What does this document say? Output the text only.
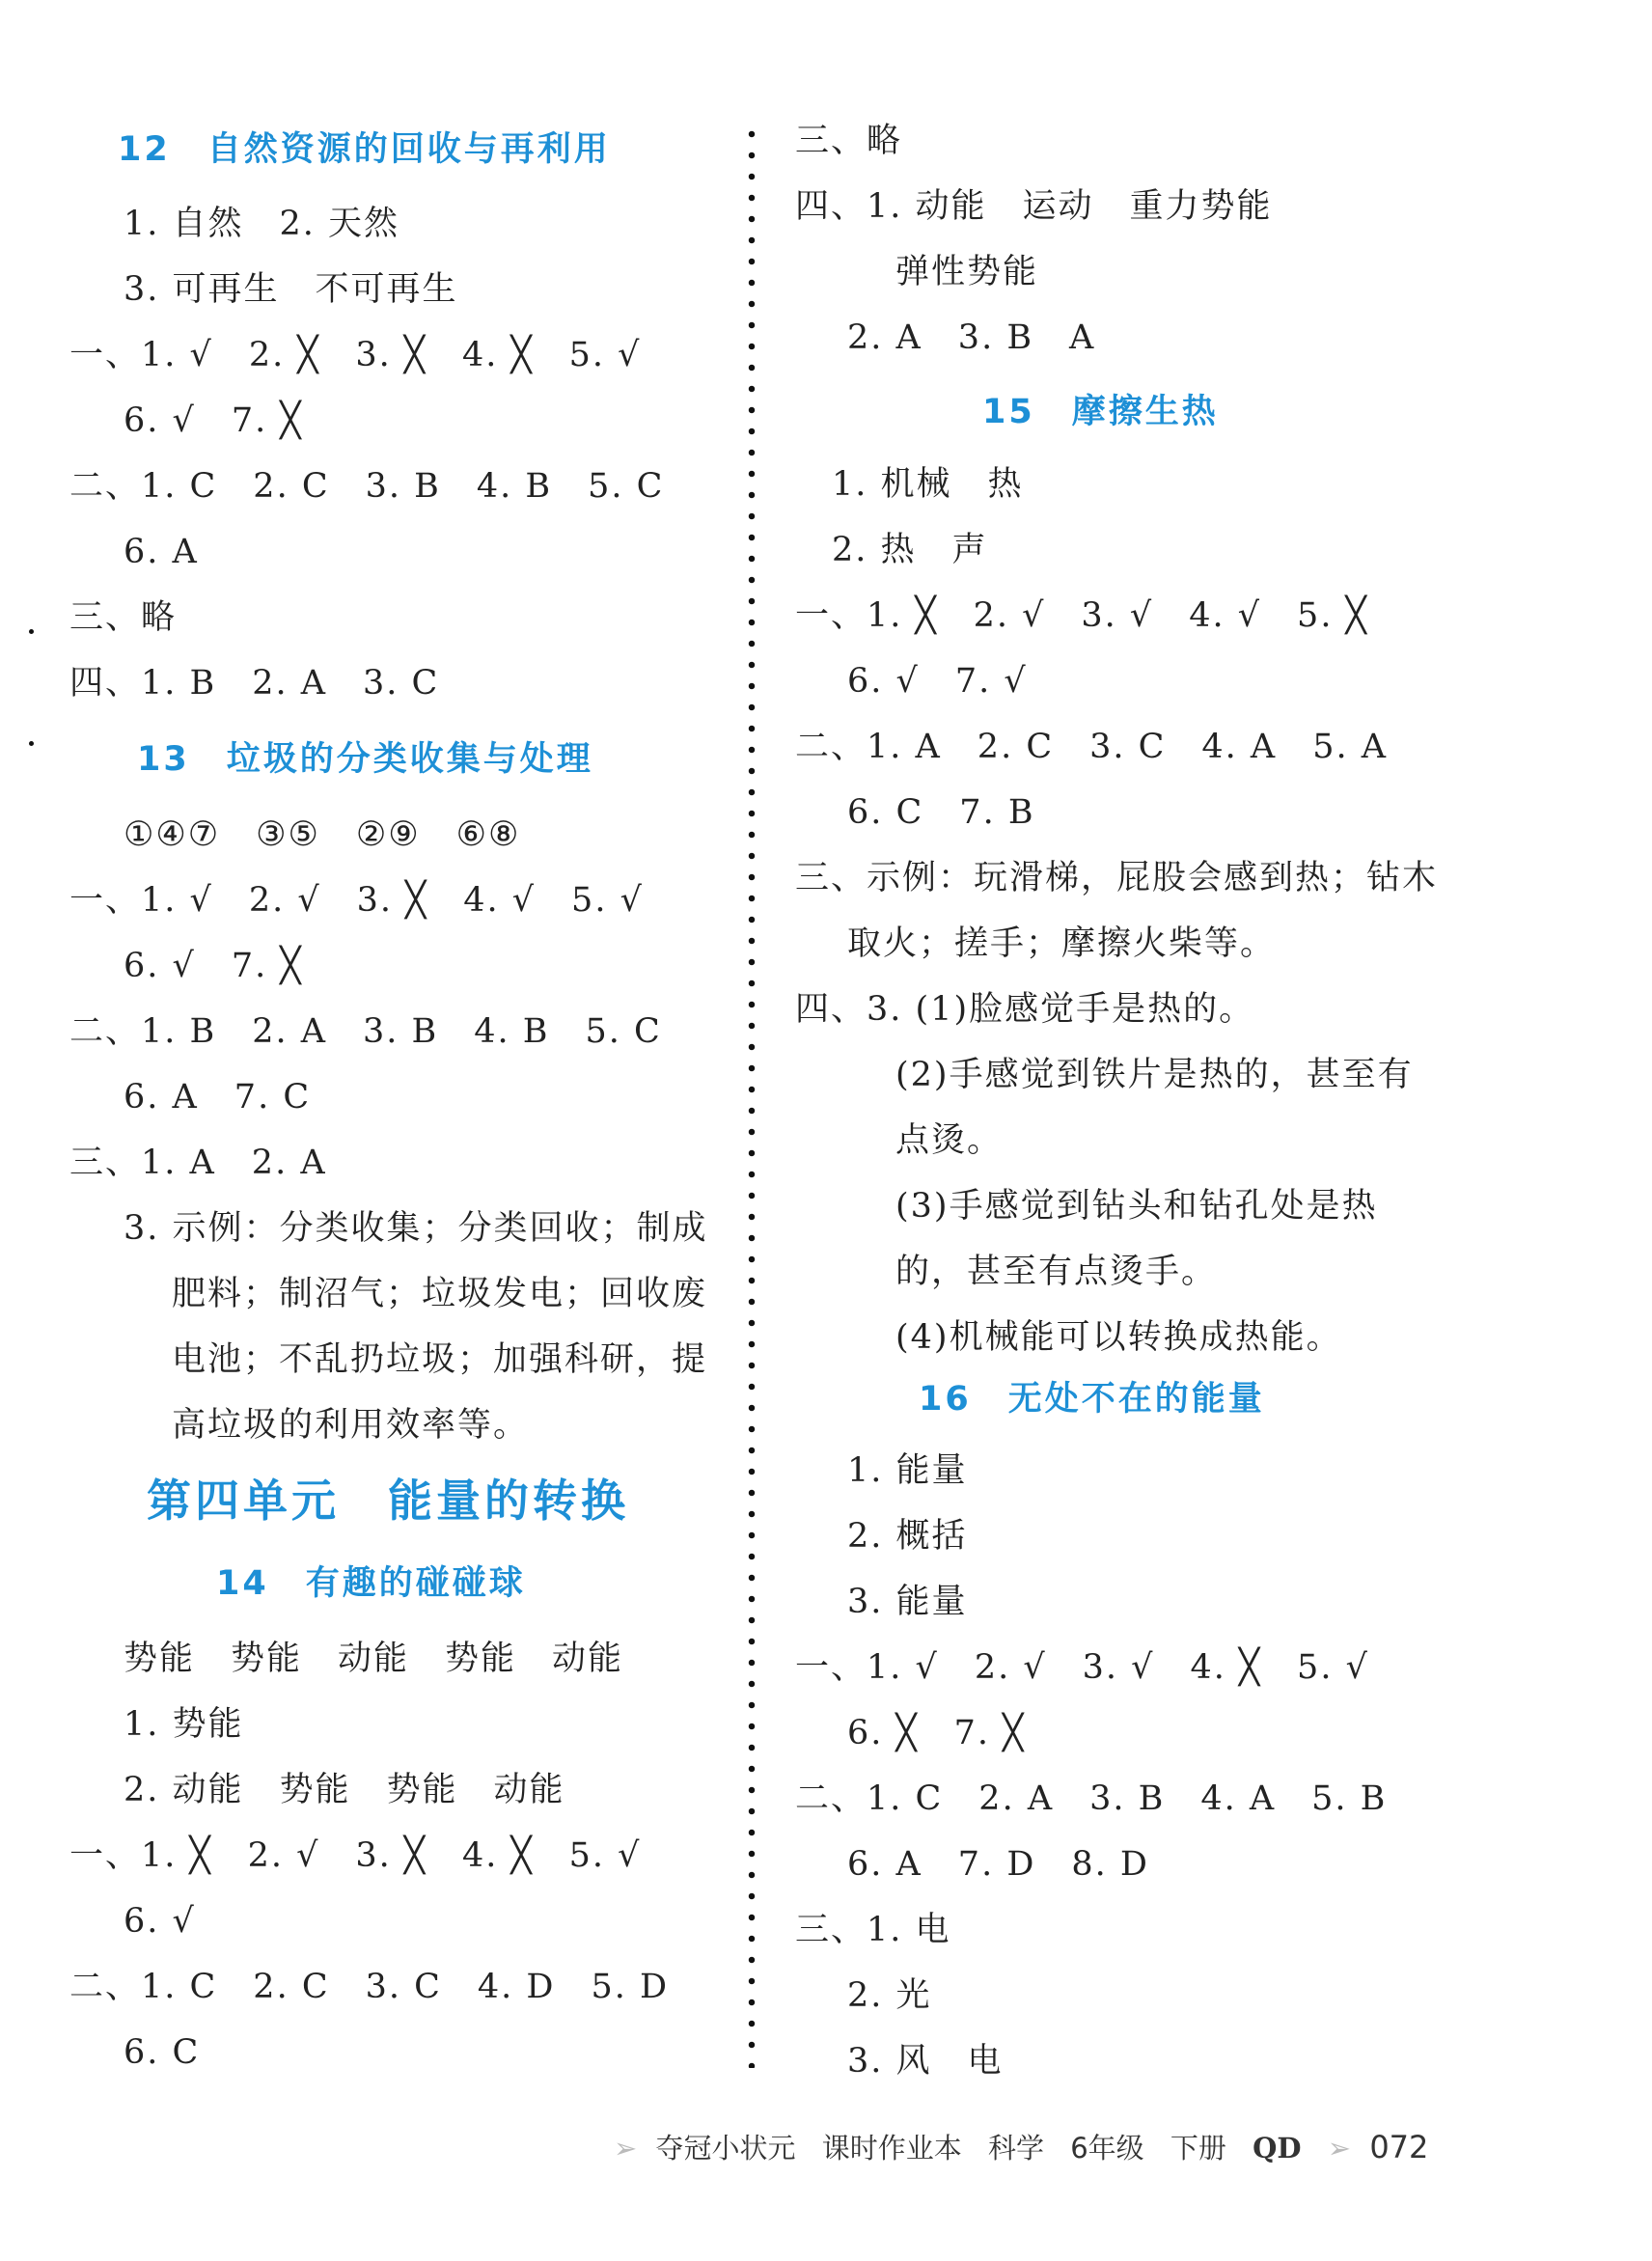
12　自然资源的回收与再利用
1. 自然　2. 天然
3. 可再生　不可再生
一、1. √　2. ╳　3. ╳　4. ╳　5. √
6. √　7. ╳
二、1. C　2. C　3. B　4. B　5. C
6. A
三、略
四、1. B　2. A　3. C
13　垃圾的分类收集与处理
①④⑦　③⑤　②⑨　⑥⑧
一、1. √　2. √　3. ╳　4. √　5. √
6. √　7. ╳
二、1. B　2. A　3. B　4. B　5. C
6. A　7. C
三、1. A　2. A
3. 示例：分类收集；分类回收；制成
肥料；制沼气；垃圾发电；回收废
电池；不乱扔垃圾；加强科研，提
高垃圾的利用效率等。
第四单元　能量的转换
14　有趣的碰碰球
势能　势能　动能　势能　动能
1. 势能
2. 动能　势能　势能　动能
一、1. ╳　2. √　3. ╳　4. ╳　5. √
6. √
二、1. C　2. C　3. C　4. D　5. D
6. C
三、略
四、1. 动能　运动　重力势能
弹性势能
2. A　3. B　A
15　摩擦生热
1. 机械　热
2. 热　声
一、1. ╳　2. √　3. √　4. √　5. ╳
6. √　7. √
二、1. A　2. C　3. C　4. A　5. A
6. C　7. B
三、示例：玩滑梯，屁股会感到热；钻木
取火；搓手；摩擦火柴等。
四、3. (1)脸感觉手是热的。
(2)手感觉到铁片是热的，甚至有
点烫。
(3)手感觉到钻头和钻孔处是热
的，甚至有点烫手。
(4)机械能可以转换成热能。
16　无处不在的能量
1. 能量
2. 概括
3. 能量
一、1. √　2. √　3. √　4. ╳　5. √
6. ╳　7. ╳
二、1. C　2. A　3. B　4. A　5. B
6. A　7. D　8. D
三、1. 电
2. 光
3. 风　电
➢ 夺冠小状元 课时作业本 科学 6年级 下册 QD ➢ 072
